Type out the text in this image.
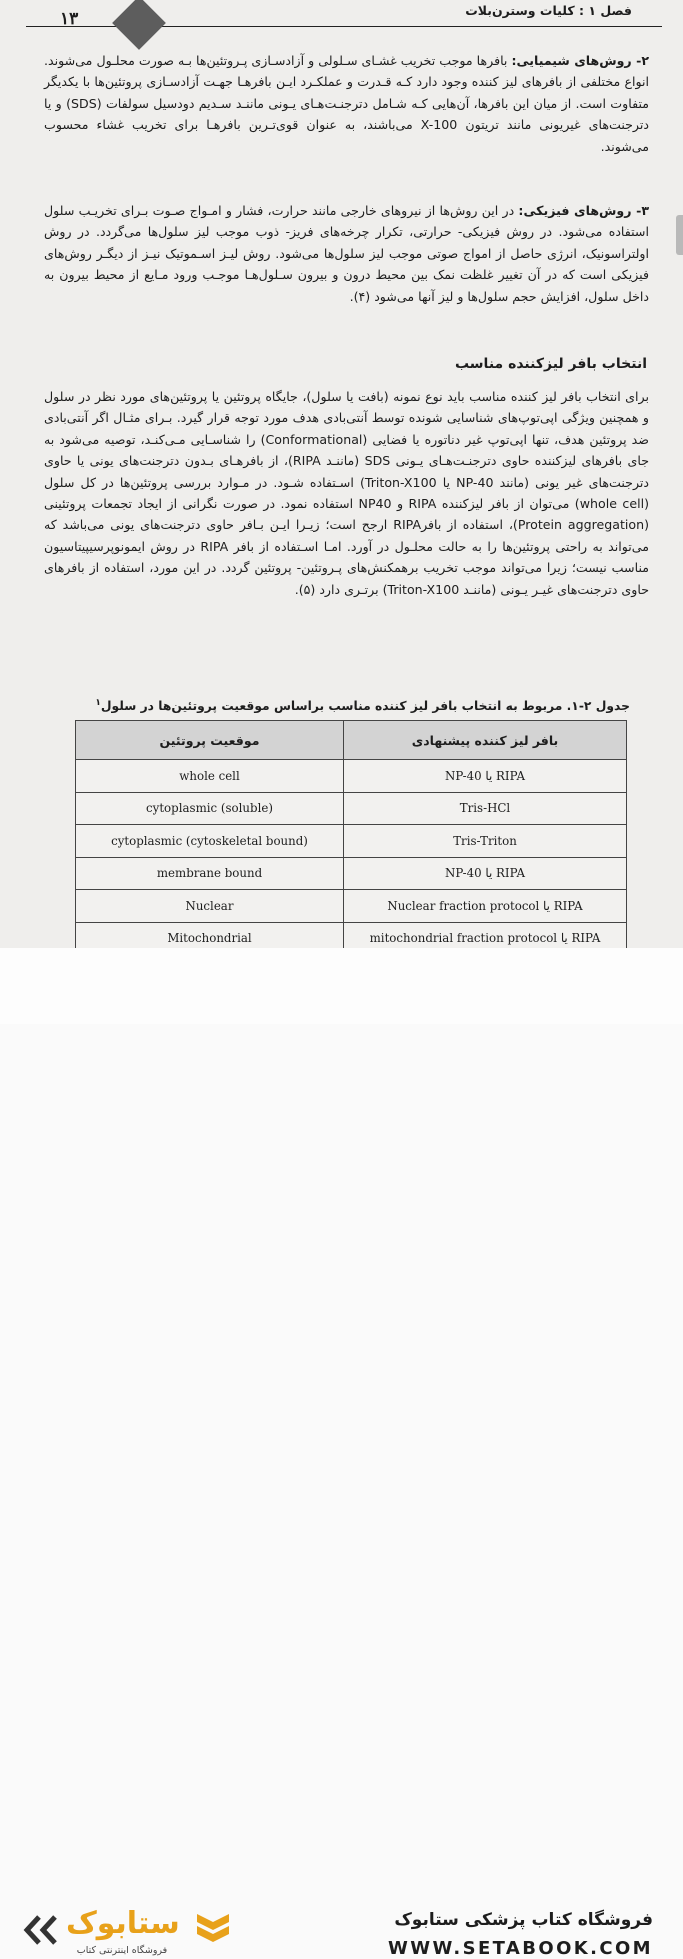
۱۳	فصل ۱ : کلیات وسترن‌بلات
۲- روش‌های شیمیایی: بافرها موجب تخریب غشـای سـلولی و آزادسـازی پـروتئین‌ها بـه صورت محلـول می‌شوند. انواع مختلفی از بافرهای لیز کننده وجود دارد کـه قـدرت و عملکـرد ایـن بافرهـا جهـت آزادسـازی پروتئین‌ها با یکدیگر متفاوت است. از میان این بافرها، آن‌هایی کـه شـامل دترجنـت‌هـای یـونی ماننـد سـدیم دودسیل سولفات (SDS) و یا دترجنت‌های غیریونی مانند تریتون X-100 می‌باشند، به عنوان قوی‌تـرین بافرهـا برای تخریب غشاء محسوب می‌شوند.
۳- روش‌های فیزیکی: در این روش‌ها از نیروهای خارجی مانند حرارت، فشار و امـواج صـوت بـرای تخریـب سلول استفاده می‌شود. در روش فیزیکی- حرارتی، تکرار چرخه‌های فریز- ذوب موجب لیز سلول‌ها می‌گردد. در روش اولتراسونیک، انرژی حاصل از امواج صوتی موجب لیز سلول‌ها می‌شود. روش لیـز اسـموتیک نیـز از دیگـر روش‌های فیزیکی است که در آن تغییر غلظت نمک بین محیط درون و بیرون سـلول‌هـا موجـب ورود مـایع از محیط بیرون به داخل سلول، افزایش حجم سلول‌ها و لیز آنها می‌شود (۴).
انتخاب بافر لیزکننده مناسب
برای انتخاب بافر لیز کننده مناسب باید نوع نمونه (بافت یا سلول)، جایگاه پروتئین یا پروتئین‌های مورد نظر در سلول و همچنین ویژگی اپی‌توپ‌های شناسایی شونده توسط آنتی‌بادی هدف مورد توجه قرار گیرد. بـرای مثـال اگر آنتی‌بادی ضد پروتئین هدف، تنها اپی‌توپ غیر دناتوره یا فضایی (Conformational) را شناسـایی مـی‌کنـد، توصیه می‌شود به جای بافرهای لیزکننده حاوی دترجنـت‌هـای یـونی SDS (ماننـد RIPA)، از بافرهـای بـدون دترجنت‌های یونی یا حاوی دترجنت‌های غیر یونی (مانند NP-40 یا Triton-X100) اسـتفاده شـود. در مـوارد بررسی پروتئین‌ها در کل سلول (whole cell) می‌توان از بافر لیزکننده RIPA و NP40 استفاده نمود. در صورت نگرانی از ایجاد تجمعات پروتئینی (Protein aggregation)، استفاده از بافرRIPA ارجح است؛ زیـرا ایـن بـافر حاوی دترجنت‌های یونی می‌باشد که می‌تواند به راحتی پروتئین‌ها را به حالت محلـول در آورد. امـا اسـتفاده از بافر RIPA در روش ایمونوپرسیپیتاسیون مناسب نیست؛ زیرا می‌تواند موجب تخریب برهمکنش‌های پـروتئین- پروتئین گردد. در این مورد، استفاده از بافرهای حاوی دترجنت‌های غیـر یـونی (ماننـد Triton-X100) برتـری دارد (۵).
جدول ۲-۱. مربوط به انتخاب بافر لیز کننده مناسب براساس موقعیت پروتئین‌ها در سلول$^۱$
موقعیت پروتئین	بافر لیز کننده پیشنهادی
whole cell	RIPA یا NP-40
cytoplasmic (soluble)	Tris-HCl
cytoplasmic (cytoskeletal bound)	Tris-Triton
membrane bound	RIPA یا NP-40
Nuclear	RIPA یا Nuclear fraction protocol
Mitochondrial	RIPA یا mitochondrial fraction protocol
ستابوک
فروشگاه اینترنتی کتاب
فروشگاه کتاب پزشکی ستابوک
WWW.SETABOOK.COM
